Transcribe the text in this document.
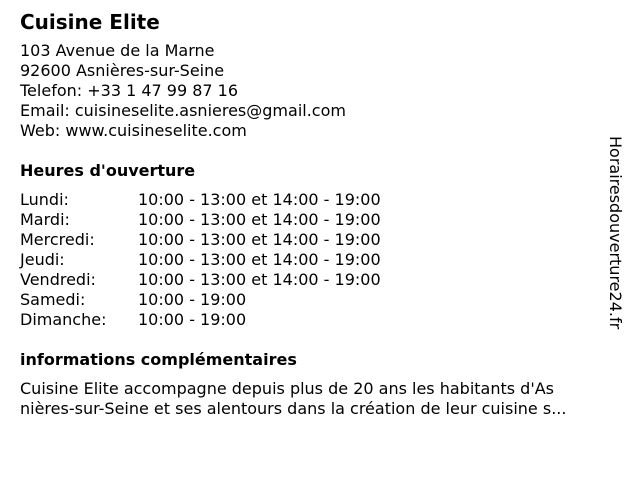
Cuisine Elite
103 Avenue de la Marne
92600 Asnières-sur-Seine
Telefon: +33 1 47 99 87 16
Email: cuisineselite.asnieres@gmail.com
Web: www.cuisineselite.com
Heures d'ouverture
Lundi:	10:00 - 13:00 et 14:00 - 19:00
Mardi:	10:00 - 13:00 et 14:00 - 19:00
Mercredi:	10:00 - 13:00 et 14:00 - 19:00
Jeudi:	10:00 - 13:00 et 14:00 - 19:00
Vendredi:	10:00 - 13:00 et 14:00 - 19:00
Samedi:	10:00 - 19:00
Dimanche:	10:00 - 19:00
informations complémentaires
Cuisine Elite accompagne depuis plus de 20 ans les habitants d'As
nières-sur-Seine et ses alentours dans la création de leur cuisine s...
Horairesdouverture24.fr
